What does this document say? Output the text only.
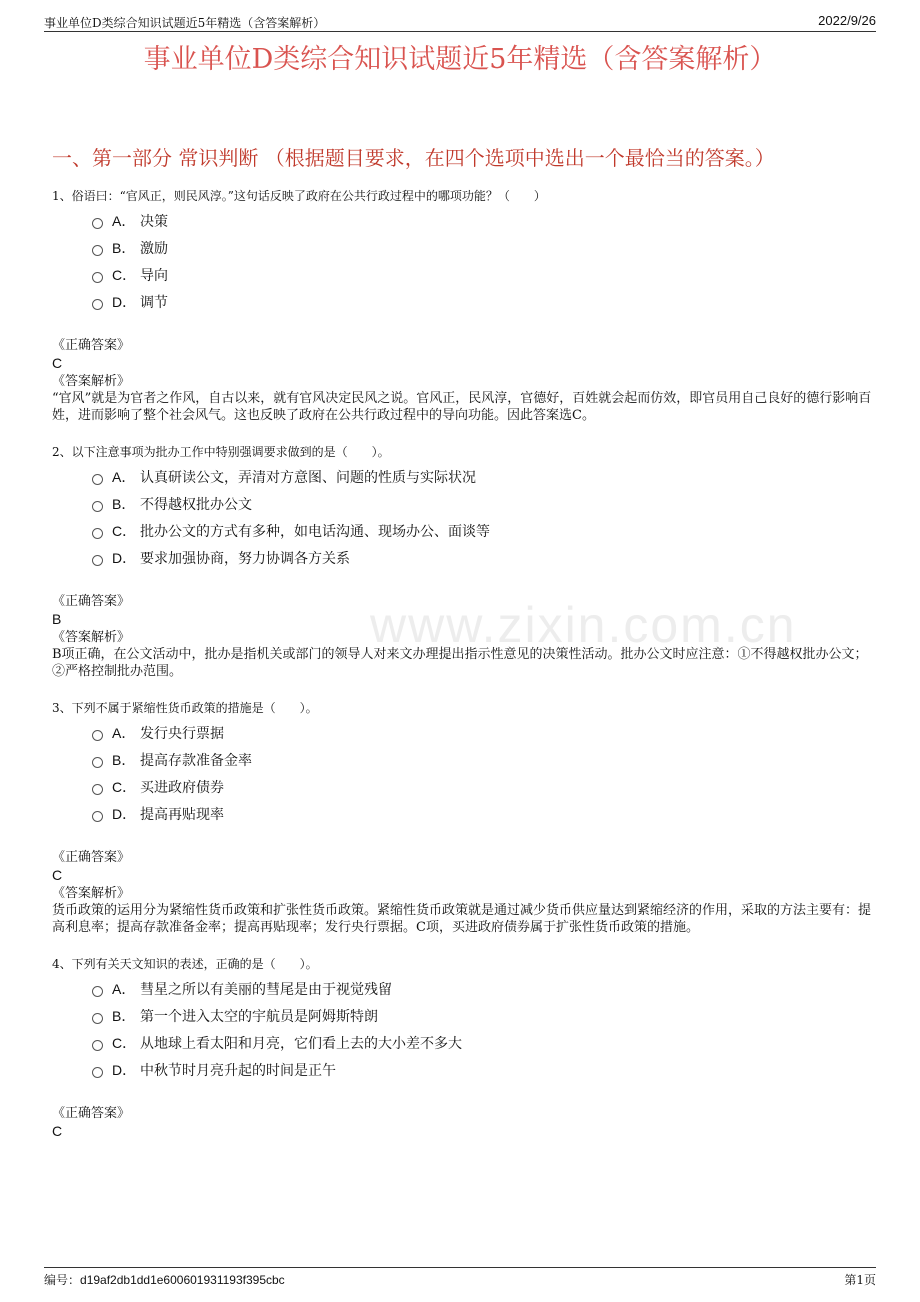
事业单位D类综合知识试题近5年精选（含答案解析）	2022/9/26
事业单位D类综合知识试题近5年精选（含答案解析）
一、第一部分 常识判断 （根据题目要求，在四个选项中选出一个最恰当的答案。）
www.zixin.com.cn
1、俗语曰：“官风正，则民风淳。”这句话反映了政府在公共行政过程中的哪项功能？（　　）
A． 决策
B． 激励
C． 导向
D． 调节
《正确答案》
C
《答案解析》
“官风”就是为官者之作风，自古以来，就有官风决定民风之说。官风正，民风淳，官德好，百姓就会起而仿效，即官员用自己良好的德行影响百姓，进而影响了整个社会风气。这也反映了政府在公共行政过程中的导向功能。因此答案选C。
2、以下注意事项为批办工作中特别强调要求做到的是（　　）。
A． 认真研读公文，弄清对方意图、问题的性质与实际状况
B． 不得越权批办公文
C． 批办公文的方式有多种，如电话沟通、现场办公、面谈等
D． 要求加强协商，努力协调各方关系
《正确答案》
B
《答案解析》
B项正确，在公文活动中，批办是指机关或部门的领导人对来文办理提出指示性意见的决策性活动。批办公文时应注意：①不得越权批办公文；②严格控制批办范围。
3、下列不属于紧缩性货币政策的措施是（　　）。
A． 发行央行票据
B． 提高存款准备金率
C． 买进政府债券
D． 提高再贴现率
《正确答案》
C
《答案解析》
货币政策的运用分为紧缩性货币政策和扩张性货币政策。紧缩性货币政策就是通过减少货币供应量达到紧缩经济的作用，采取的方法主要有：提高利息率；提高存款准备金率；提高再贴现率；发行央行票据。C项，买进政府债券属于扩张性货币政策的措施。
4、下列有关天文知识的表述，正确的是（　　）。
A． 彗星之所以有美丽的彗尾是由于视觉残留
B． 第一个进入太空的宇航员是阿姆斯特朗
C． 从地球上看太阳和月亮，它们看上去的大小差不多大
D． 中秋节时月亮升起的时间是正午
《正确答案》
C
编号：d19af2db1dd1e600601931193f395cbc	第1页
